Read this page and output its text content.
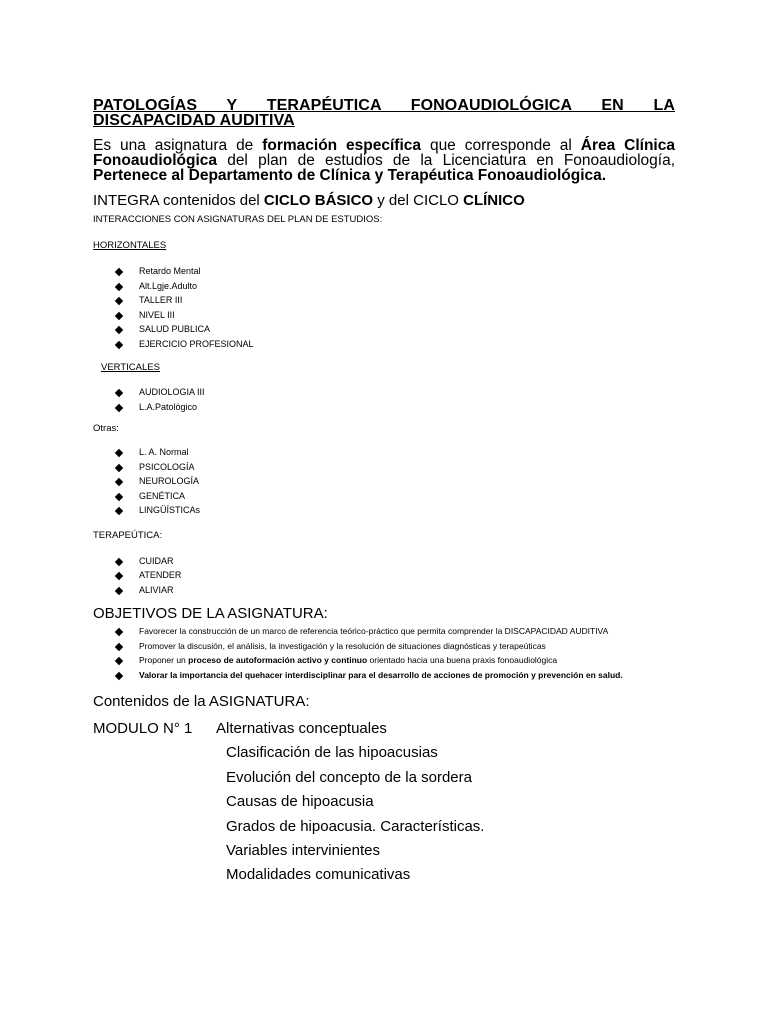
PATOLOGÍAS Y TERAPÉUTICA FONOAUDIOLÓGICA EN LA DISCAPACIDAD AUDITIVA
Es una asignatura de formación específica que corresponde al Área Clínica Fonoaudiológica del plan de estudios de la Licenciatura en Fonoaudiología, Pertenece al Departamento de Clínica y Terapéutica Fonoaudiológica.
INTEGRA contenidos del CICLO BÁSICO y del CICLO CLÍNICO
INTERACCIONES CON ASIGNATURAS DEL PLAN DE ESTUDIOS:
HORIZONTALES
Retardo Mental
Alt.Lgje.Adulto
TALLER III
NIVEL III
SALUD PUBLICA
EJERCICIO PROFESIONAL
VERTICALES
AUDIOLOGIA III
L.A.Patológico
Otras:
L. A. Normal
PSICOLOGÍA
NEUROLOGÍA
GENÉTICA
LINGÜÍSTICAs
TERAPEÚTICA:
CUIDAR
ATENDER
ALIVIAR
OBJETIVOS DE LA ASIGNATURA:
Favorecer la construcción de un marco de referencia teórico-práctico que permita comprender la DISCAPACIDAD AUDITIVA
Promover la discusión, el análisis, la investigación y la resolución de situaciones diagnósticas y terapeúticas
Proponer un proceso de autoformación activo y continuo orientado hacia una buena praxis fonoaudiológica
Valorar la importancia del quehacer interdisciplinar para el desarrollo de acciones de promoción y prevención en salud.
Contenidos de la ASIGNATURA:
MODULO N° 1	Alternativas conceptuales
Clasificación de las hipoacusias
Evolución del concepto de la sordera
Causas de hipoacusia
Grados de hipoacusia. Características.
Variables intervinientes
Modalidades comunicativas
